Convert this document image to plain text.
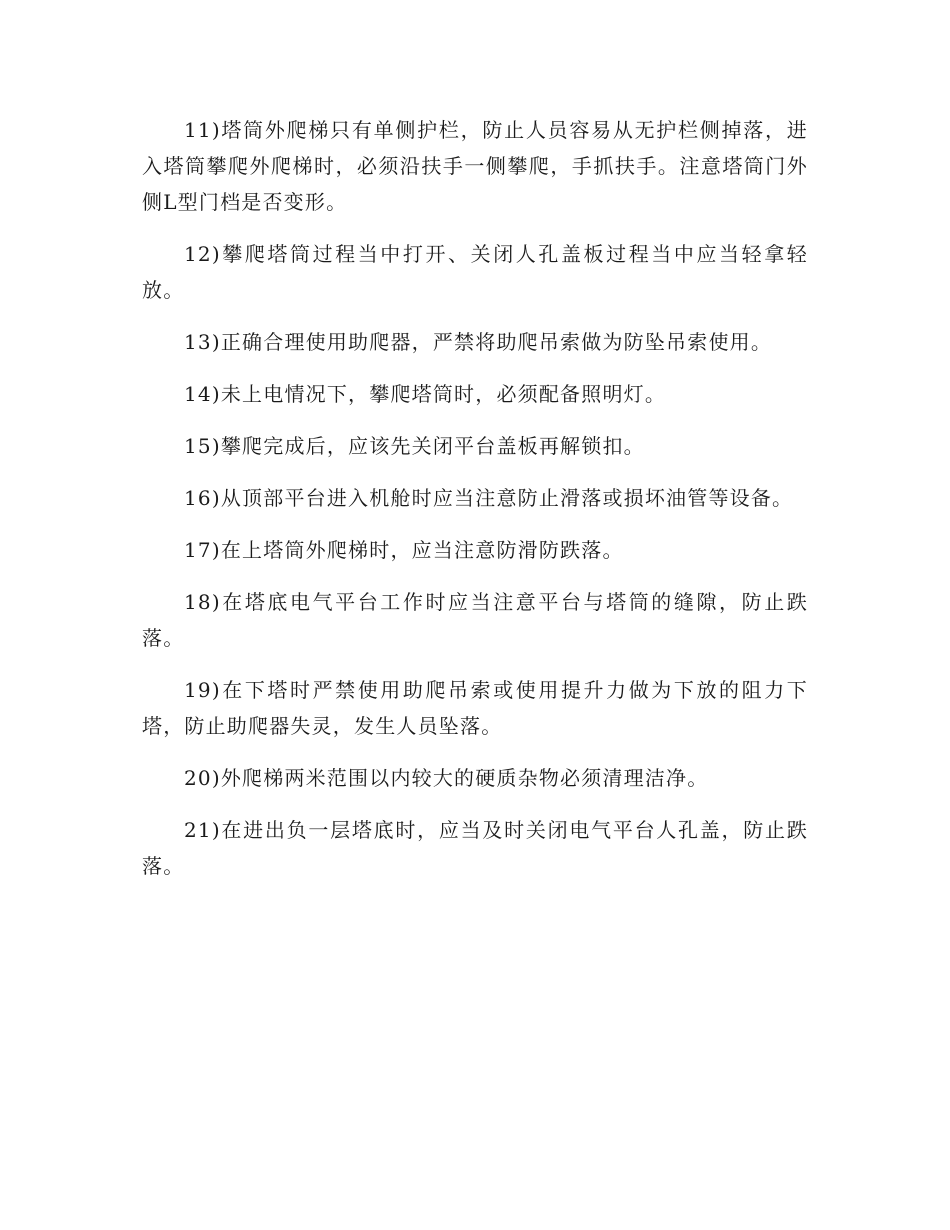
11)塔筒外爬梯只有单侧护栏，防止人员容易从无护栏侧掉落，进入塔筒攀爬外爬梯时，必须沿扶手一侧攀爬，手抓扶手。注意塔筒门外侧L型门档是否变形。

12)攀爬塔筒过程当中打开、关闭人孔盖板过程当中应当轻拿轻放。

13)正确合理使用助爬器，严禁将助爬吊索做为防坠吊索使用。

14)未上电情况下，攀爬塔筒时，必须配备照明灯。

15)攀爬完成后，应该先关闭平台盖板再解锁扣。

16)从顶部平台进入机舱时应当注意防止滑落或损坏油管等设备。

17)在上塔筒外爬梯时，应当注意防滑防跌落。

18)在塔底电气平台工作时应当注意平台与塔筒的缝隙，防止跌落。

19)在下塔时严禁使用助爬吊索或使用提升力做为下放的阻力下塔，防止助爬器失灵，发生人员坠落。

20)外爬梯两米范围以内较大的硬质杂物必须清理洁净。

21)在进出负一层塔底时，应当及时关闭电气平台人孔盖，防止跌落。
